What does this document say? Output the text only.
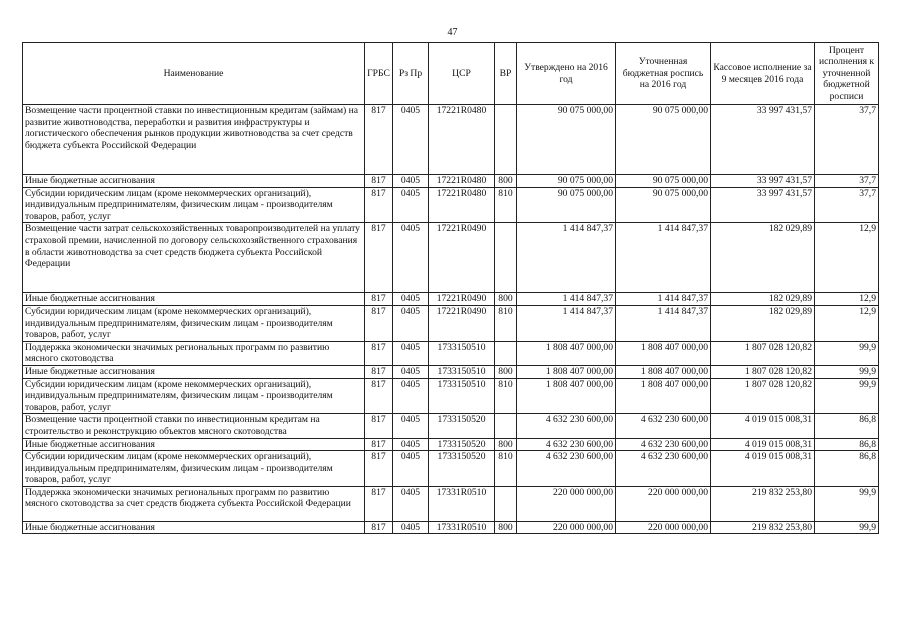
47
Наименование	ГРБС	Рз Пр	ЦСР	ВР	Утверждено на 2016 год	Уточненная бюджетная роспись на 2016 год	Кассовое исполнение за 9 месяцев 2016 года	Процент исполнения к уточненной бюджетной росписи
Возмещение части процентной ставки по инвестиционным кредитам (займам) на развитие животноводства, переработки и развития инфраструктуры и логистического обеспечения рынков продукции животноводства за счет средств бюджета субъекта Российской Федерации	817	0405	17221R0480		90 075 000,00	90 075 000,00	33 997 431,57	37,7
Иные бюджетные ассигнования	817	0405	17221R0480	800	90 075 000,00	90 075 000,00	33 997 431,57	37,7
Субсидии юридическим лицам (кроме некоммерческих организаций), индивидуальным предпринимателям, физическим лицам - производителям товаров, работ, услуг	817	0405	17221R0480	810	90 075 000,00	90 075 000,00	33 997 431,57	37,7
Возмещение части затрат сельскохозяйственных товаропроизводителей на уплату страховой премии, начисленной по договору сельскохозяйственного страхования в области животноводства за счет средств бюджета субъекта Российской Федерации	817	0405	17221R0490		1 414 847,37	1 414 847,37	182 029,89	12,9
Иные бюджетные ассигнования	817	0405	17221R0490	800	1 414 847,37	1 414 847,37	182 029,89	12,9
Субсидии юридическим лицам (кроме некоммерческих организаций), индивидуальным предпринимателям, физическим лицам - производителям товаров, работ, услуг	817	0405	17221R0490	810	1 414 847,37	1 414 847,37	182 029,89	12,9
Поддержка экономически значимых региональных программ по развитию мясного скотоводства	817	0405	1733150510		1 808 407 000,00	1 808 407 000,00	1 807 028 120,82	99,9
Иные бюджетные ассигнования	817	0405	1733150510	800	1 808 407 000,00	1 808 407 000,00	1 807 028 120,82	99,9
Субсидии юридическим лицам (кроме некоммерческих организаций), индивидуальным предпринимателям, физическим лицам - производителям товаров, работ, услуг	817	0405	1733150510	810	1 808 407 000,00	1 808 407 000,00	1 807 028 120,82	99,9
Возмещение части процентной ставки по инвестиционным кредитам на строительство и реконструкцию объектов мясного скотоводства	817	0405	1733150520		4 632 230 600,00	4 632 230 600,00	4 019 015 008,31	86,8
Иные бюджетные ассигнования	817	0405	1733150520	800	4 632 230 600,00	4 632 230 600,00	4 019 015 008,31	86,8
Субсидии юридическим лицам (кроме некоммерческих организаций), индивидуальным предпринимателям, физическим лицам - производителям товаров, работ, услуг	817	0405	1733150520	810	4 632 230 600,00	4 632 230 600,00	4 019 015 008,31	86,8
Поддержка экономически значимых региональных программ по развитию мясного скотоводства за счет средств бюджета субъекта Российской Федерации	817	0405	17331R0510		220 000 000,00	220 000 000,00	219 832 253,80	99,9
Иные бюджетные ассигнования	817	0405	17331R0510	800	220 000 000,00	220 000 000,00	219 832 253,80	99,9
